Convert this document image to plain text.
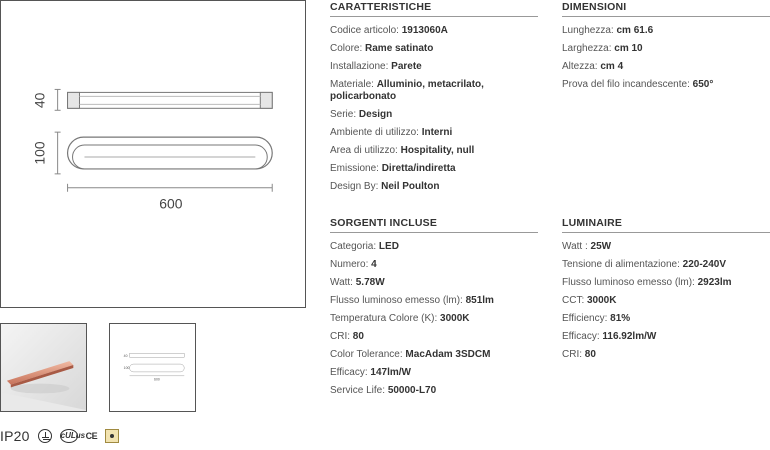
40
100
600
40
100
600
IP20	cULus CE
CARATTERISTICHE
Codice articolo: 1913060A
Colore: Rame satinato
Installazione: Parete
Materiale: Alluminio, metacrilato, policarbonato
Serie: Design
Ambiente di utilizzo: Interni
Area di utilizzo: Hospitality, null
Emissione: Diretta/indiretta
Design By: Neil Poulton
DIMENSIONI
Lunghezza: cm 61.6
Larghezza: cm 10
Altezza: cm 4
Prova del filo incandescente: 650°
SORGENTI INCLUSE
Categoria: LED
Numero: 4
Watt: 5.78W
Flusso luminoso emesso (lm): 851lm
Temperatura Colore (K): 3000K
CRI: 80
Color Tolerance: MacAdam 3SDCM
Efficacy: 147lm/W
Service Life: 50000-L70
LUMINAIRE
Watt : 25W
Tensione di alimentazione: 220-240V
Flusso luminoso emesso (lm): 2923lm
CCT: 3000K
Efficiency: 81%
Efficacy: 116.92lm/W
CRI: 80
